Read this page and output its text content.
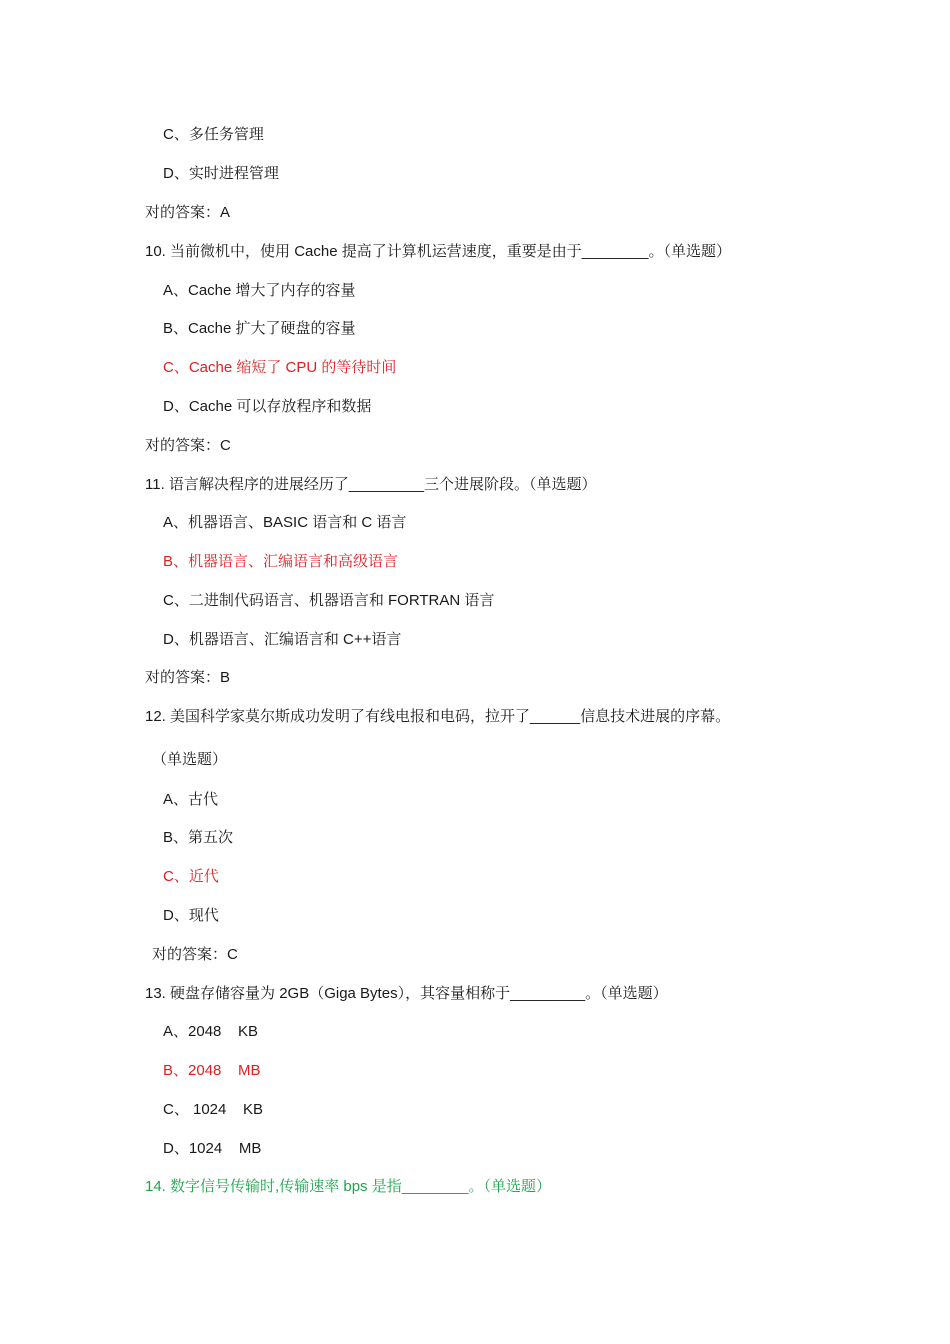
C、多任务管理
D、实时进程管理
对的答案：A
10. 当前微机中，使用 Cache 提高了计算机运营速度，重要是由于________。（单选题）
A、Cache 增大了内存的容量
B、Cache 扩大了硬盘的容量
C、Cache 缩短了 CPU 的等待时间
D、Cache 可以存放程序和数据
对的答案：C
11. 语言解决程序的进展经历了_________三个进展阶段。（单选题）
A、机器语言、BASIC 语言和 C 语言
B、机器语言、汇编语言和高级语言
C、二进制代码语言、机器语言和 FORTRAN 语言
D、机器语言、汇编语言和 C++语言
对的答案：B
12. 美国科学家莫尔斯成功发明了有线电报和电码，拉开了______信息技术进展的序幕。
（单选题）
A、古代
B、第五次
C、近代
D、现代
对的答案：C
13. 硬盘存储容量为 2GB（Giga Bytes），其容量相称于_________。（单选题）
A、2048    KB
B、2048    MB
C、 1024    KB
D、1024    MB
14. 数字信号传输时,传输速率 bps 是指________。（单选题）
